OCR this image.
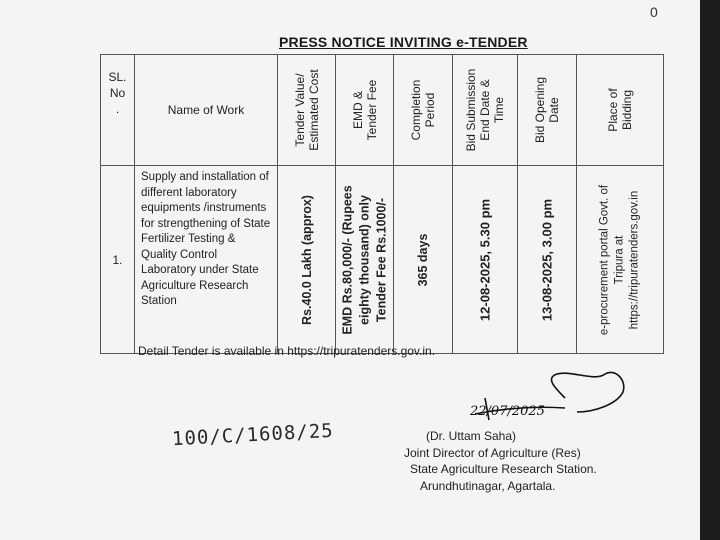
0
PRESS NOTICE INVITING e-TENDER
SL.
No
.	Name of Work	Tender Value/ Estimated Cost	EMD & Tender Fee	Completion Period	Bid Submission End Date & Time	Bid Opening Date	Place of Bidding

1.	Supply and installation of different laboratory equipments /instruments for strengthening of State Fertilizer Testing & Quality Control Laboratory under State Agriculture Research Station	Rs.40.0 Lakh (approx)	EMD Rs.80,000/- (Rupees eighty thousand) only Tender Fee Rs.1000/-	365 days	12-08-2025, 5.30 pm	13-08-2025, 3.00 pm	e-procurement portal Govt. of Tripura at https://tripuratenders.gov.in
Detail Tender is available in https://tripuratenders.gov.in.
22/07/2025
(Dr. Uttam Saha)
Joint Director of Agriculture (Res)
State Agriculture Research Station.
Arundhutinagar, Agartala.
100/C/1608/25
